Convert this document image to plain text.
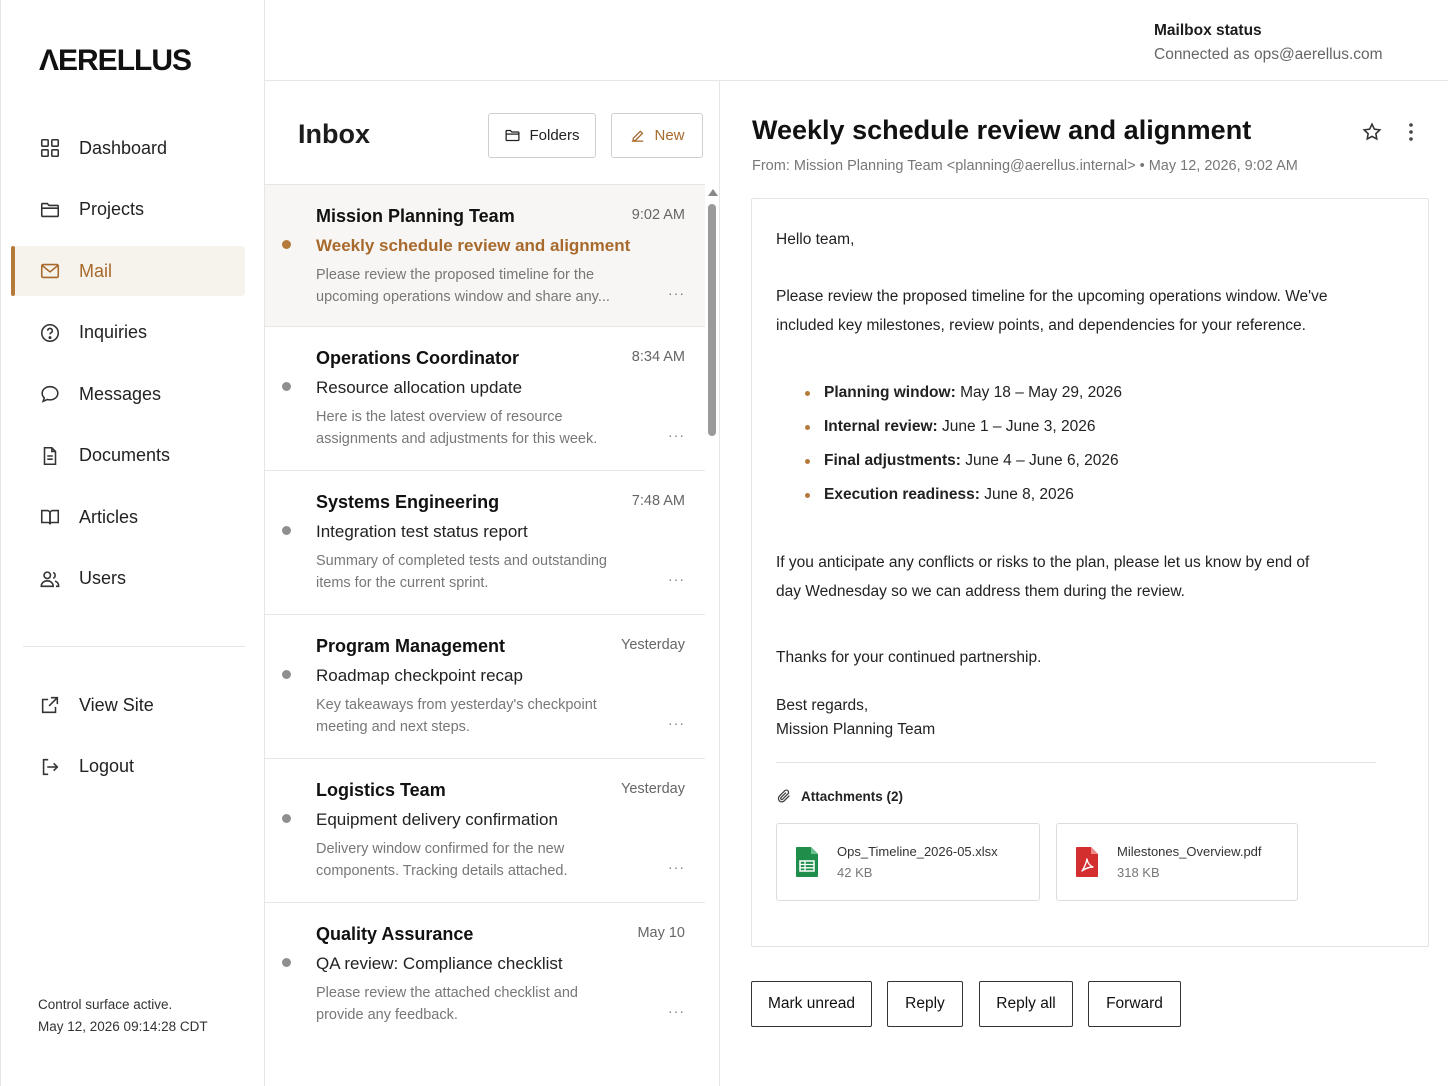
ΛERELLUS
Dashboard
Projects
Mail
Inquiries
Messages
Documents
Articles
Users
View Site
Logout
Control surface active.
May 12, 2026 09:14:28 CDT
Mailbox status
Connected as ops@aerellus.com
Inbox	Folders	New
Mission Planning Team	9:02 AM
Weekly schedule review and alignment
Please review the proposed timeline for the upcoming operations window and share any...	···
Operations Coordinator	8:34 AM
Resource allocation update
Here is the latest overview of resource assignments and adjustments for this week.	···
Systems Engineering	7:48 AM
Integration test status report
Summary of completed tests and outstanding items for the current sprint.	···
Program Management	Yesterday
Roadmap checkpoint recap
Key takeaways from yesterday's checkpoint meeting and next steps.	···
Logistics Team	Yesterday
Equipment delivery confirmation
Delivery window confirmed for the new components. Tracking details attached.	···
Quality Assurance	May 10
QA review: Compliance checklist
Please review the attached checklist and provide any feedback.	···
Weekly schedule review and alignment
From: Mission Planning Team <planning@aerellus.internal> • May 12, 2026, 9:02 AM

Hello team,

Please review the proposed timeline for the upcoming operations window. We've included key milestones, review points, and dependencies for your reference.

Planning window: May 18 – May 29, 2026
Internal review: June 1 – June 3, 2026
Final adjustments: June 4 – June 6, 2026
Execution readiness: June 8, 2026

If you anticipate any conflicts or risks to the plan, please let us know by end of day Wednesday so we can address them during the review.

Thanks for your continued partnership.

Best regards,

Mission Planning Team

Attachments (2)
Ops_Timeline_2026-05.xlsx
42 KB
Milestones_Overview.pdf
318 KB
Mark unread	Reply	Reply all	Forward
